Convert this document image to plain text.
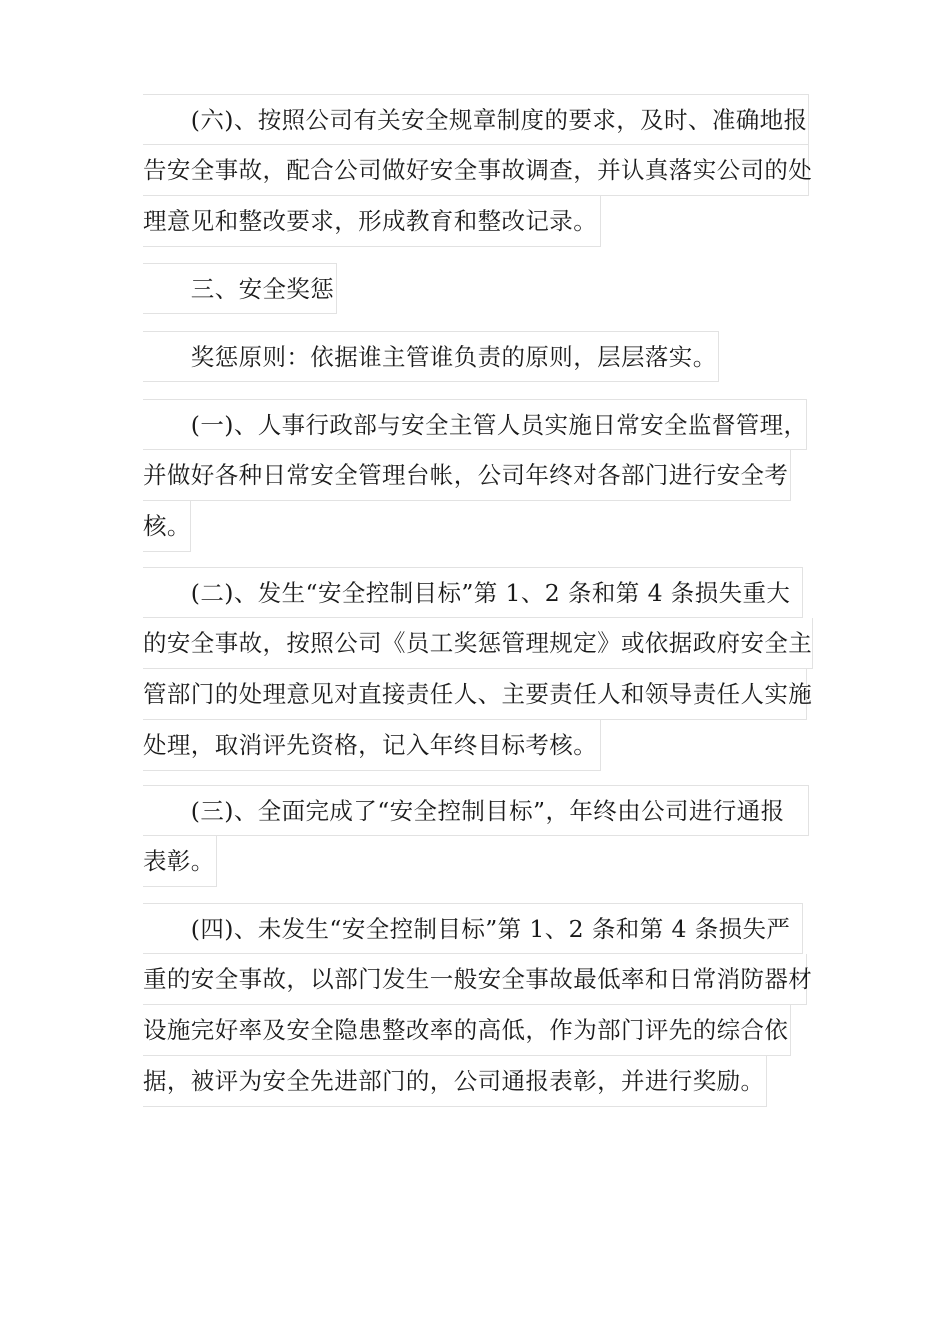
　　(六)、按照公司有关安全规章制度的要求，及时、准确地报
告安全事故，配合公司做好安全事故调查，并认真落实公司的处
理意见和整改要求，形成教育和整改记录。
　　三、安全奖惩
　　奖惩原则：依据谁主管谁负责的原则，层层落实。
　　(一)、人事行政部与安全主管人员实施日常安全监督管理，
并做好各种日常安全管理台帐，公司年终对各部门进行安全考
核。
　　(二)、发生“安全控制目标”第 1、2 条和第 4 条损失重大
的安全事故，按照公司《员工奖惩管理规定》或依据政府安全主
管部门的处理意见对直接责任人、主要责任人和领导责任人实施
处理，取消评先资格，记入年终目标考核。
　　(三)、全面完成了“安全控制目标”，年终由公司进行通报
表彰。
　　(四)、未发生“安全控制目标”第 1、2 条和第 4 条损失严
重的安全事故，以部门发生一般安全事故最低率和日常消防器材
设施完好率及安全隐患整改率的高低，作为部门评先的综合依
据，被评为安全先进部门的，公司通报表彰，并进行奖励。
